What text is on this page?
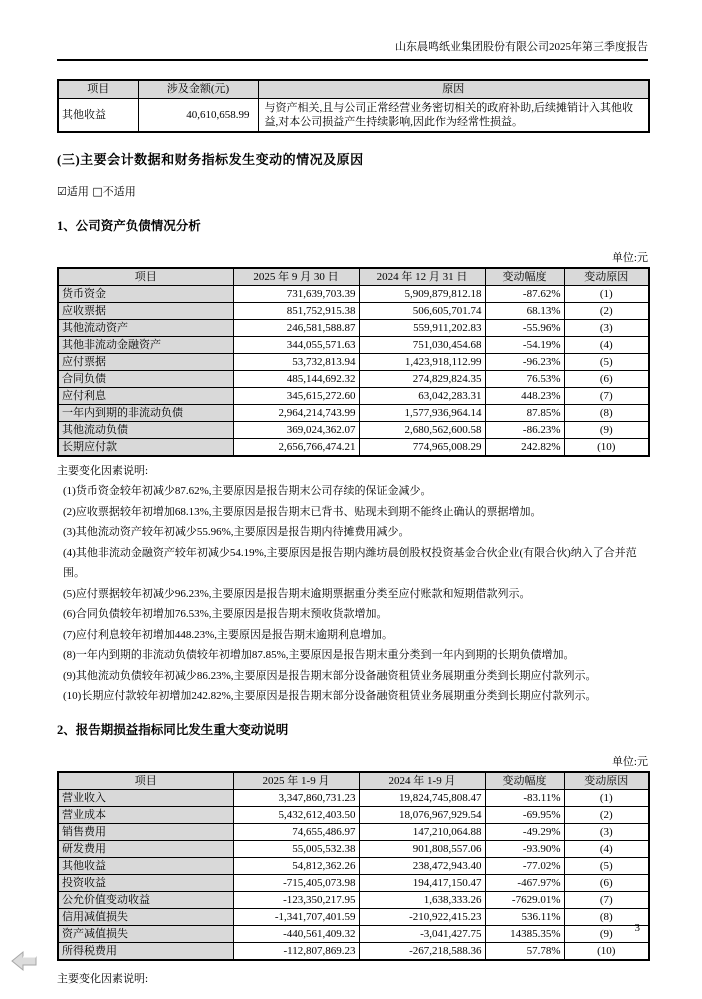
山东晨鸣纸业集团股份有限公司2025年第三季度报告
项目	涉及金额(元)	原因
其他收益	40,610,658.99	与资产相关,且与公司正常经营业务密切相关的政府补助,后续摊销计入其他收益,对本公司损益产生持续影响,因此作为经常性损益。
(三)主要会计数据和财务指标发生变动的情况及原因
☑适用 □不适用
1、公司资产负债情况分析
单位:元
项目	2025 年 9 月 30 日	2024 年 12 月 31 日	变动幅度	变动原因
货币资金	731,639,703.39	5,909,879,812.18	-87.62%	(1)
应收票据	851,752,915.38	506,605,701.74	68.13%	(2)
其他流动资产	246,581,588.87	559,911,202.83	-55.96%	(3)
其他非流动金融资产	344,055,571.63	751,030,454.68	-54.19%	(4)
应付票据	53,732,813.94	1,423,918,112.99	-96.23%	(5)
合同负债	485,144,692.32	274,829,824.35	76.53%	(6)
应付利息	345,615,272.60	63,042,283.31	448.23%	(7)
一年内到期的非流动负债	2,964,214,743.99	1,577,936,964.14	87.85%	(8)
其他流动负债	369,024,362.07	2,680,562,600.58	-86.23%	(9)
长期应付款	2,656,766,474.21	774,965,008.29	242.82%	(10)
主要变化因素说明:
(1)货币资金较年初减少87.62%,主要原因是报告期末公司存续的保证金减少。
(2)应收票据较年初增加68.13%,主要原因是报告期末已背书、贴现未到期不能终止确认的票据增加。
(3)其他流动资产较年初减少55.96%,主要原因是报告期内待摊费用减少。
(4)其他非流动金融资产较年初减少54.19%,主要原因是报告期内潍坊晨创股权投资基金合伙企业(有限合伙)纳入了合并范围。
(5)应付票据较年初减少96.23%,主要原因是报告期末逾期票据重分类至应付账款和短期借款列示。
(6)合同负债较年初增加76.53%,主要原因是报告期末预收货款增加。
(7)应付利息较年初增加448.23%,主要原因是报告期末逾期利息增加。
(8)一年内到期的非流动负债较年初增加87.85%,主要原因是报告期末重分类到一年内到期的长期负债增加。
(9)其他流动负债较年初减少86.23%,主要原因是报告期末部分设备融资租赁业务展期重分类到长期应付款列示。
(10)长期应付款较年初增加242.82%,主要原因是报告期末部分设备融资租赁业务展期重分类到长期应付款列示。
2、报告期损益指标同比发生重大变动说明
单位:元
项目	2025 年 1-9 月	2024 年 1-9 月	变动幅度	变动原因
营业收入	3,347,860,731.23	19,824,745,808.47	-83.11%	(1)
营业成本	5,432,612,403.50	18,076,967,929.54	-69.95%	(2)
销售费用	74,655,486.97	147,210,064.88	-49.29%	(3)
研发费用	55,005,532.38	901,808,557.06	-93.90%	(4)
其他收益	54,812,362.26	238,472,943.40	-77.02%	(5)
投资收益	-715,405,073.98	194,417,150.47	-467.97%	(6)
公允价值变动收益	-123,350,217.95	1,638,333.26	-7629.01%	(7)
信用减值损失	-1,341,707,401.59	-210,922,415.23	536.11%	(8)
资产减值损失	-440,561,409.32	-3,041,427.75	14385.35%	(9)
所得税费用	-112,807,869.23	-267,218,588.36	57.78%	(10)
主要变化因素说明:
3
